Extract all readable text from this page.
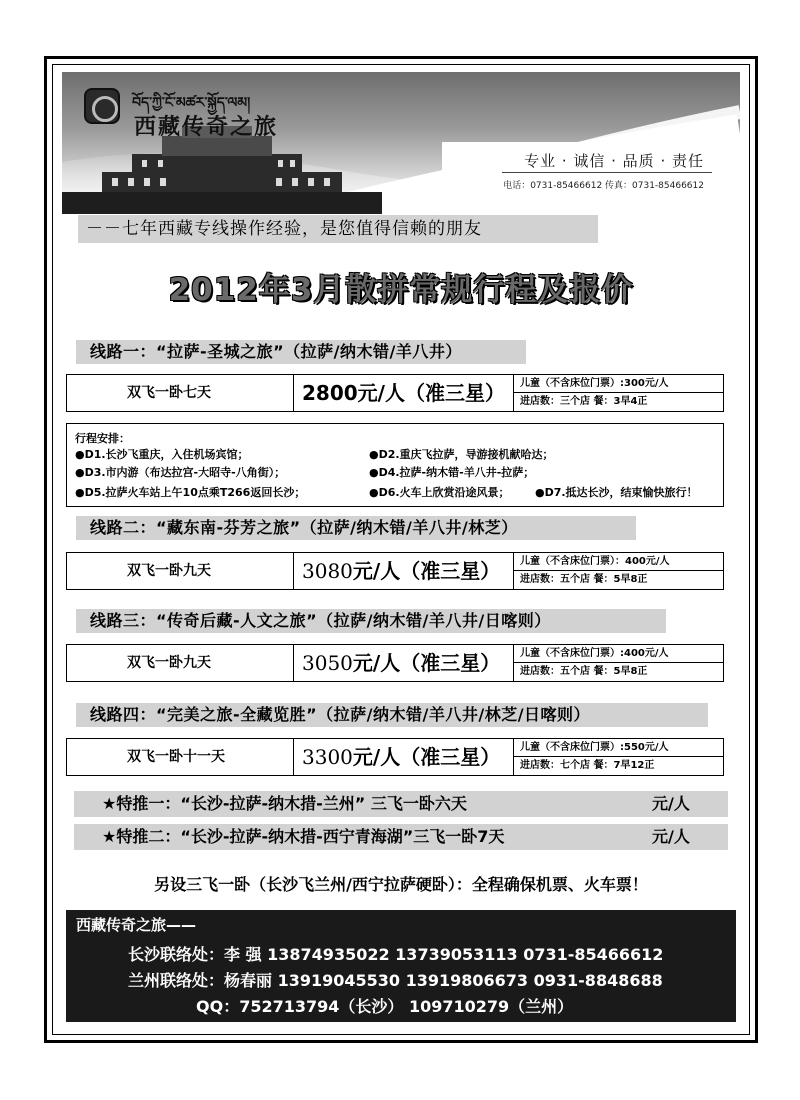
བོད་ཀྱི་ངོ་མཚར་སྐྱོད་ལམ།
西藏传奇之旅
专业 · 诚信 · 品质 · 责任
电话：0731-85466612 传真：0731-85466612
－－七年西藏专线操作经验，是您值得信赖的朋友
2012年3月散拼常规行程及报价
线路一：“拉萨-圣城之旅”（拉萨/纳木错/羊八井）
双飞一卧七天	2800元/人（准三星）	儿童（不含床位门票）:300元/人
进店数：三个店 餐：3早4正
行程安排：
●D1.长沙飞重庆，入住机场宾馆；	●D2.重庆飞拉萨，导游接机献哈达；
●D3.市内游（布达拉宫-大昭寺-八角街）；	●D4.拉萨-纳木错-羊八井-拉萨；
●D5.拉萨火车站上午10点乘T266返回长沙；	●D6.火车上欣赏沿途风景； ●D7.抵达长沙，结束愉快旅行！
线路二：“藏东南-芬芳之旅”（拉萨/纳木错/羊八井/林芝）
双飞一卧九天	3080元/人（准三星）	儿童（不含床位门票）：400元/人
进店数：五个店 餐：5早8正
线路三：“传奇后藏-人文之旅”（拉萨/纳木错/羊八井/日喀则）
双飞一卧九天	3050元/人（准三星）	儿童（不含床位门票）:400元/人
进店数：五个店 餐：5早8正
线路四：“完美之旅-全藏览胜”（拉萨/纳木错/羊八井/林芝/日喀则）
双飞一卧十一天	3300元/人（准三星）	儿童（不含床位门票）:550元/人
进店数：七个店 餐：7早12正
★特推一：“长沙-拉萨-纳木措-兰州” 三飞一卧六天	元/人
★特推二：“长沙-拉萨-纳木措-西宁青海湖”三飞一卧7天	元/人
另设三飞一卧（长沙飞兰州/西宁拉萨硬卧）：全程确保机票、火车票！
西藏传奇之旅——
长沙联络处：李 强 13874935022 13739053113 0731-85466612
兰州联络处：杨春丽 13919045530 13919806673 0931-8848688
QQ：752713794（长沙） 109710279（兰州）
